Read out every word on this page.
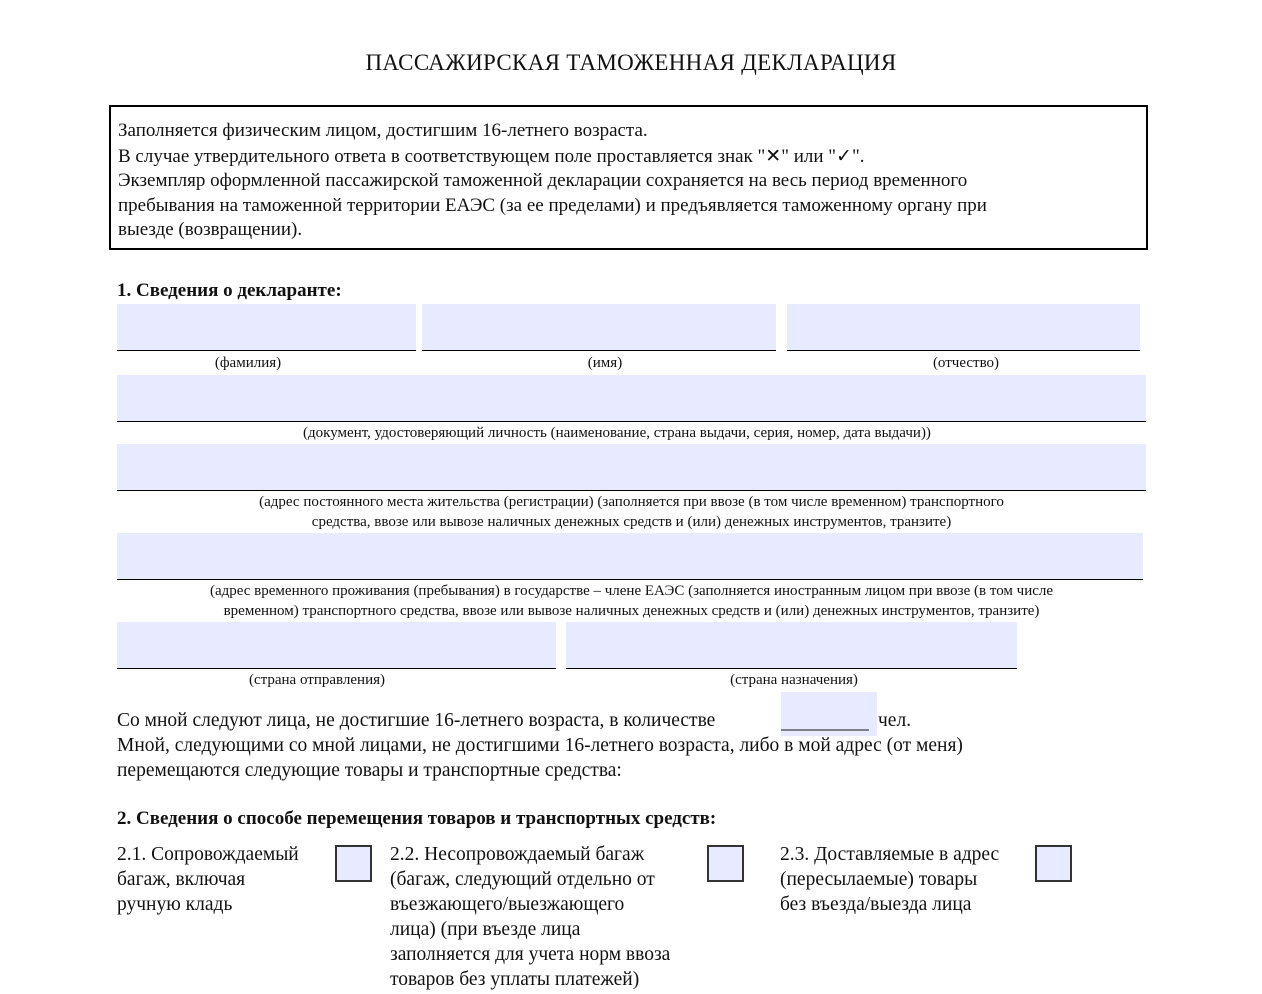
ПАССАЖИРСКАЯ ТАМОЖЕННАЯ ДЕКЛАРАЦИЯ
Заполняется физическим лицом, достигшим 16-летнего возраста.
В случае утвердительного ответа в соответствующем поле проставляется знак "✕" или "✓".
Экземпляр оформленной пассажирской таможенной декларации сохраняется на весь период временного
пребывания на таможенной территории ЕАЭС (за ее пределами) и предъявляется таможенному органу при
выезде (возвращении).
1. Сведения о декларанте:
(фамилия)	(имя)	(отчество)
(документ, удостоверяющий личность (наименование, страна выдачи, серия, номер, дата выдачи))
(адрес постоянного места жительства (регистрации) (заполняется при ввозе (в том числе временном) транспортного
средства, ввозе или вывозе наличных денежных средств и (или) денежных инструментов, транзите)
(адрес временного проживания (пребывания) в государстве – члене ЕАЭС (заполняется иностранным лицом при ввозе (в том числе
временном) транспортного средства, ввозе или вывозе наличных денежных средств и (или) денежных инструментов, транзите)
(страна отправления)	(страна назначения)
Со мной следуют лица, не достигшие 16-летнего возраста, в количестве	_________ чел.
Мной, следующими со мной лицами, не достигшими 16-летнего возраста, либо в мой адрес (от меня)
перемещаются следующие товары и транспортные средства:
2. Сведения о способе перемещения товаров и транспортных средств:
2.1. Сопровождаемый
багаж, включая
ручную кладь
2.2. Несопровождаемый багаж
(багаж, следующий отдельно от
въезжающего/выезжающего
лица) (при въезде лица
заполняется для учета норм ввоза
товаров без уплаты платежей)
2.3. Доставляемые в адрес
(пересылаемые) товары
без въезда/выезда лица
